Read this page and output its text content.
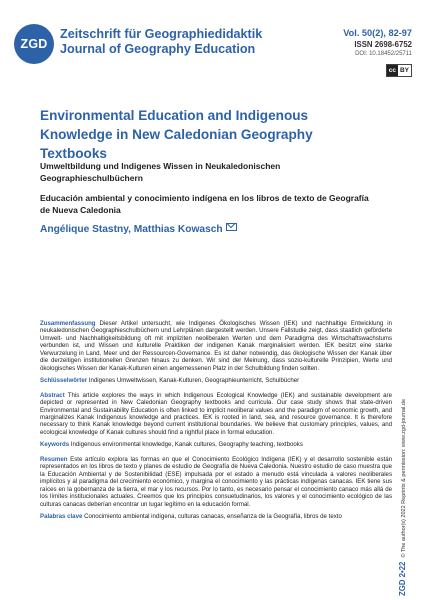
ZGD
Zeitschrift für Geographiedidaktik
Journal of Geography Education
Vol. 50(2), 82-97
ISSN 2698-6752
DOI: 10.18452/25711
cc BY
Environmental Education and Indigenous Knowledge in New Caledonian Geography Textbooks
Umweltbildung und Indigenes Wissen in Neukaledonischen Geographieschulbüchern
Educación ambiental y conocimiento indígena en los libros de texto de Geografía de Nueva Caledonia
Angélique Stastny, Matthias Kowasch

Zusammenfassung Dieser Artikel untersucht, wie Indigenes Ökologisches Wissen (IEK) und nachhaltige Entwicklung in neukaledonischen Geographieschulbüchern und Lehrplänen dargestellt werden. Unsere Fallstudie zeigt, dass staatlich geförderte Umwelt- und Nachhaltigkeitsbildung oft mit impliziten neoliberalen Werten und dem Paradigma des Wirtschaftswachstums verbunden ist, und Wissen und kulturelle Praktiken der indigenen Kanak marginalisiert werden. IEK besitzt eine starke Verwurzelung in Land, Meer und der Ressourcen-Governance. Es ist daher notwendig, das ökologische Wissen der Kanak über die derzeitigen institutionellen Grenzen hinaus zu denken. Wir sind der Meinung, dass sozio-kulturelle Prinzipien, Werte und ökologisches Wissen der Kanak-Kulturen einen angemessenen Platz in der Schulbildung finden sollten.

Schlüsselwörter Indigenes Umweltwissen, Kanak-Kulturen, Geographieunterricht, Schulbücher

Abstract This article explores the ways in which Indigenous Ecological Knowledge (IEK) and sustainable development are depicted or represented in New Caledonian Geography textbooks and curricula. Our case study shows that state-driven Environmental and Sustainability Education is often linked to implicit neoliberal values and the paradigm of economic growth, and marginalizes Kanak Indigenous knowledge and practices. IEK is rooted in land, sea, and resource governance. It is therefore necessary to think Kanak knowledge beyond current institutional boundaries. We believe that customary principles, values, and ecological knowledge of Kanak cultures should find a rightful place in formal education.

Keywords Indigenous environmental knowledge, Kanak cultures, Geography teaching, textbooks

Resumen Este artículo explora las formas en que el Conocimiento Ecológico Indígena (IEK) y el desarrollo sostenible están representados en los libros de texto y planes de estudio de Geografía de Nueva Caledonia. Nuestro estudio de caso muestra que la Educación Ambiental y de Sostenibilidad (ESE) impulsada por el estado a menudo está vinculada a valores neoliberales implícitos y al paradigma del crecimiento económico, y margina el conocimiento y las prácticas indígenas canacas. IEK tiene sus raíces en la gobernanza de la tierra, el mar y los recursos. Por lo tanto, es necesario pensar el conocimiento canaco más allá de los límites institucionales actuales. Creemos que los principios consuetudinarios, los valores y el conocimiento ecológico de las culturas canacas deberían encontrar un lugar legítimo en la educación formal.

Palabras clave Conocimiento ambiental indígena, culturas canacas, enseñanza de la Geografía, libros de texto

ZGD 2•22© The author(s) 2022 Reprints & permission: www.zgd-journal.de
